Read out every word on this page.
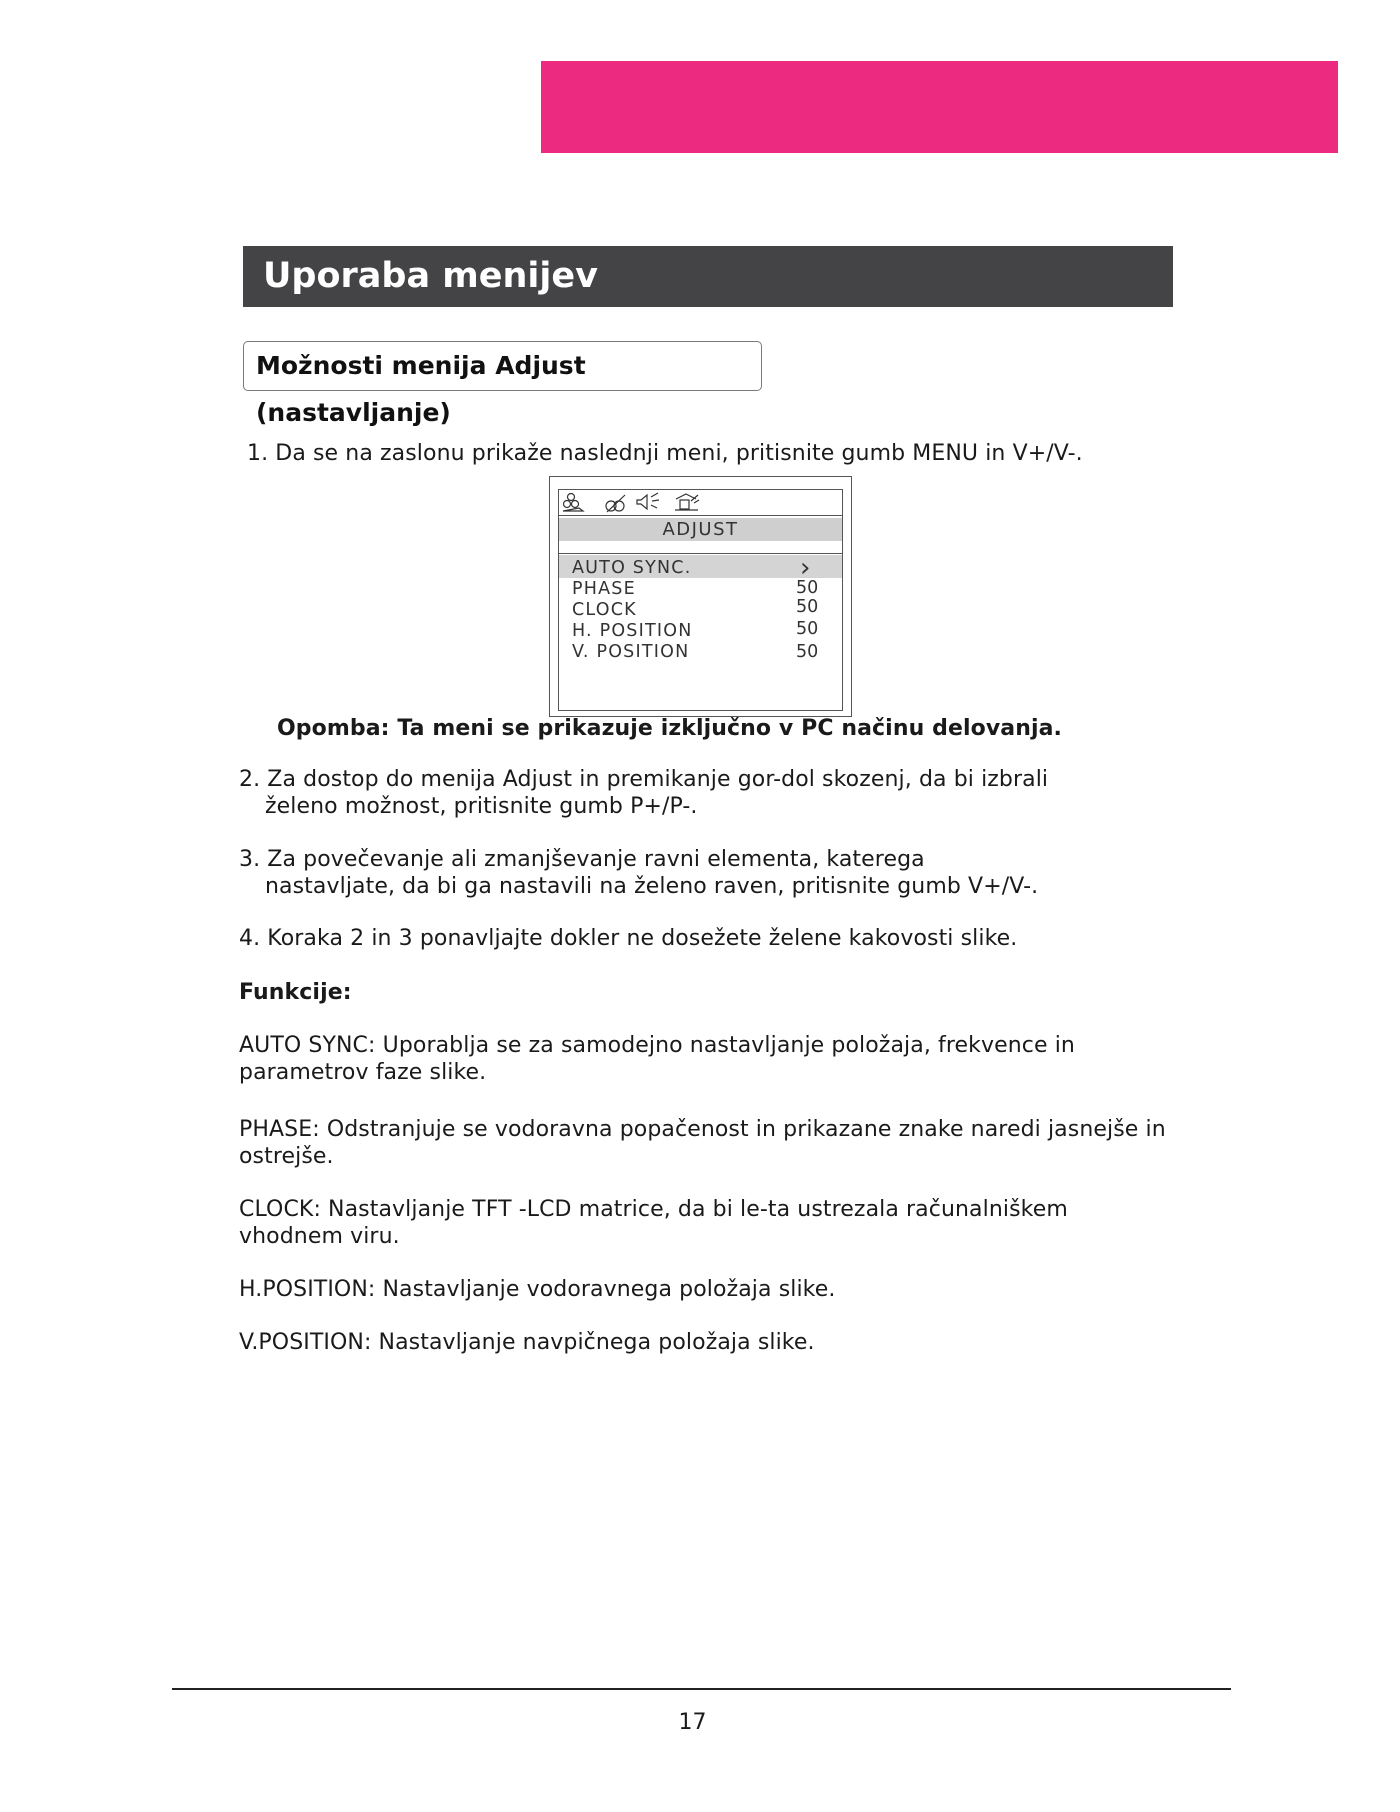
Uporaba menijev
Možnosti menija Adjust (nastavljanje)
1. Da se na zaslonu prikaže naslednji meni, pritisnite gumb MENU in V+/V-.
ADJUST
AUTO SYNC.	›
PHASE	50
CLOCK	50
H. POSITION	50
V. POSITION	50
Opomba: Ta meni se prikazuje izključno v PC načinu delovanja.
2. Za dostop do menija Adjust in premikanje gor-dol skozenj, da bi izbrali
želeno možnost, pritisnite gumb P+/P-.
3. Za povečevanje ali zmanjševanje ravni elementa, katerega
nastavljate, da bi ga nastavili na želeno raven, pritisnite gumb V+/V-.
4. Koraka 2 in 3 ponavljajte dokler ne dosežete želene kakovosti slike.
Funkcije:
AUTO SYNC: Uporablja se za samodejno nastavljanje položaja, frekvence in
parametrov faze slike.
PHASE: Odstranjuje se vodoravna popačenost in prikazane znake naredi jasnejše in
ostrejše.
CLOCK: Nastavljanje TFT -LCD matrice, da bi le-ta ustrezala računalniškem
vhodnem viru.
H.POSITION: Nastavljanje vodoravnega položaja slike.
V.POSITION: Nastavljanje navpičnega položaja slike.
17
